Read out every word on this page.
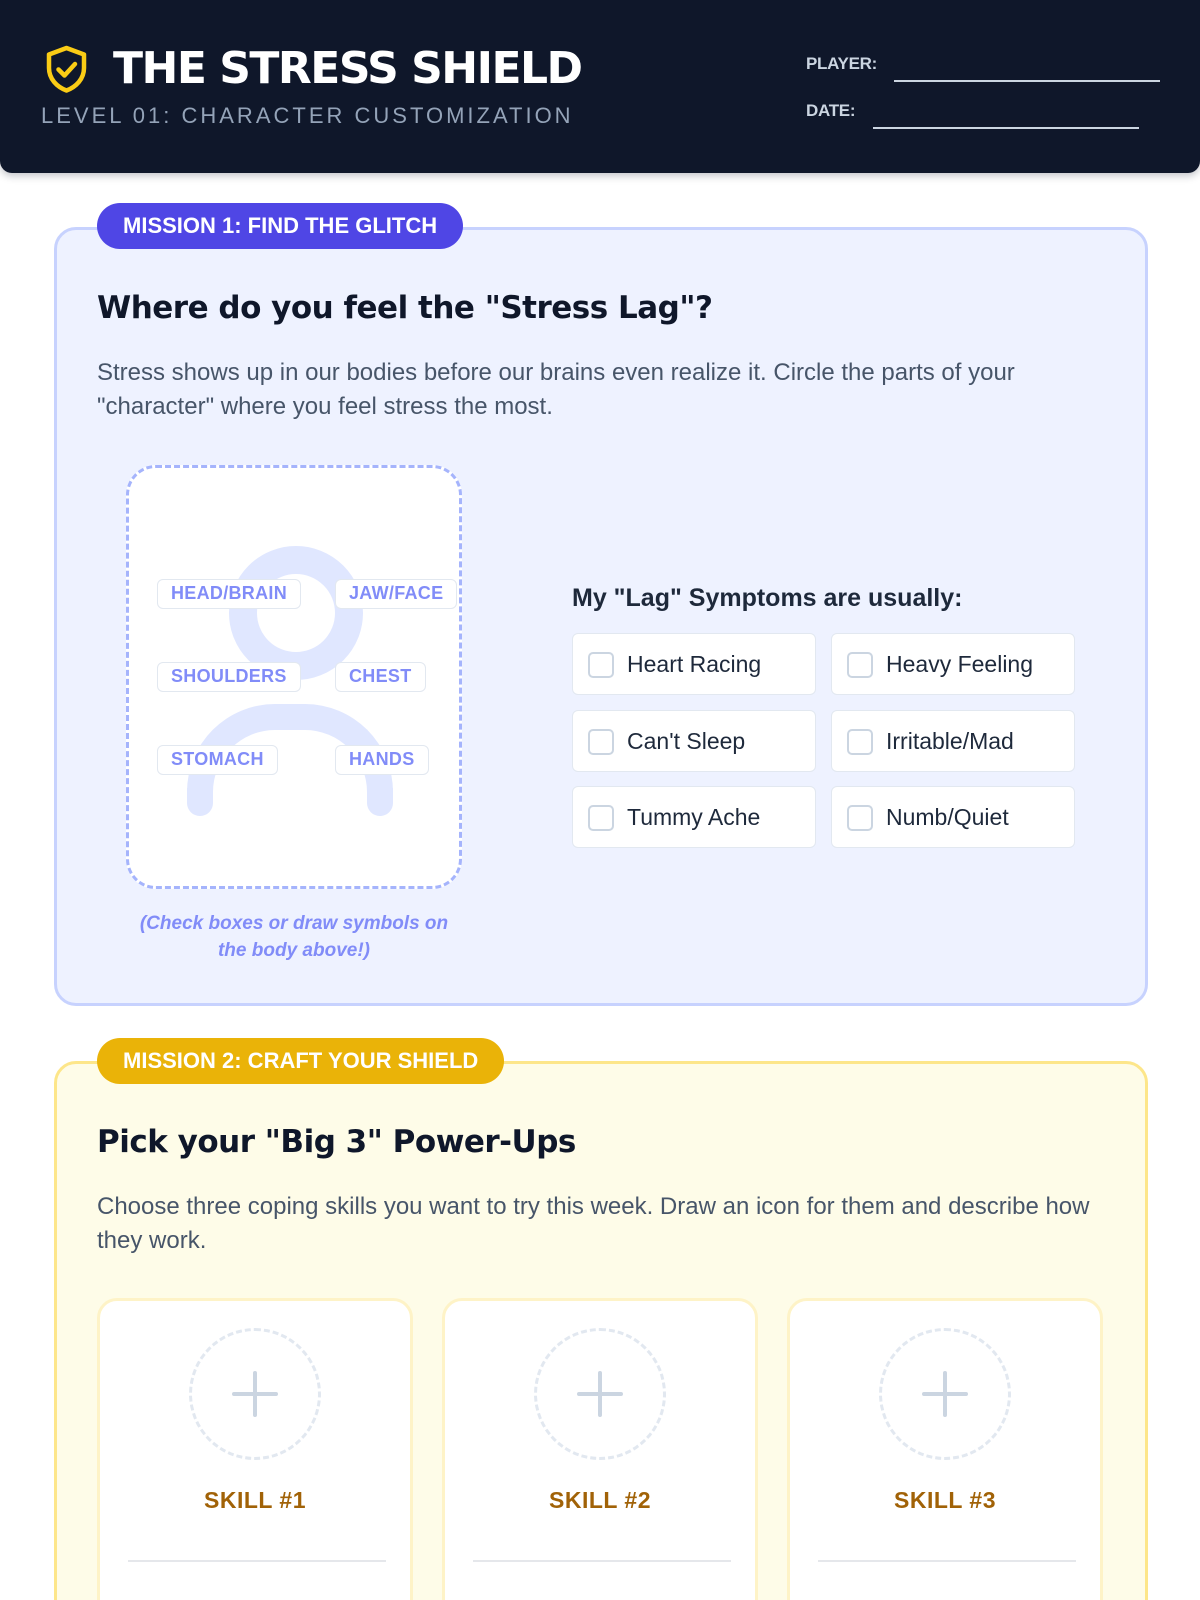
THE STRESS SHIELD
LEVEL 01: CHARACTER CUSTOMIZATION
PLAYER:
DATE:
MISSION 1: FIND THE GLITCH
Where do you feel the "Stress Lag"?
Stress shows up in our bodies before our brains even realize it. Circle the parts of your "character" where you feel stress the most.
HEAD/BRAIN	JAW/FACE
SHOULDERS	CHEST
STOMACH	HANDS
(Check boxes or draw symbols on the body above!)
My "Lag" Symptoms are usually:
Heart Racing	Heavy Feeling
Can't Sleep	Irritable/Mad
Tummy Ache	Numb/Quiet
MISSION 2: CRAFT YOUR SHIELD
Pick your "Big 3" Power-Ups
Choose three coping skills you want to try this week. Draw an icon for them and describe how they work.
SKILL #1	SKILL #2	SKILL #3
